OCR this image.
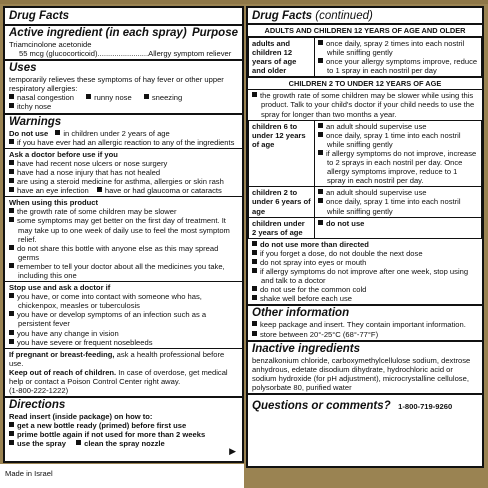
Drug Facts
Active ingredient (in each spray) Purpose
Triamcinolone acetonide
55 mcg (glucocorticoid)........................Allergy symptom reliever
Uses
temporarily relieves these symptoms of hay fever or other upper respiratory allergies:
nasal congestion	runny nose	sneezing itchy nose
Warnings
Do not use in children under 2 years of age
if you have ever had an allergic reaction to any of the ingredients
Ask a doctor before use if you
have had recent nose ulcers or nose surgery
have had a nose injury that has not healed
are using a steroid medicine for asthma, allergies or skin rash
have an eye infection have or had glaucoma or cataracts
When using this product
the growth rate of some children may be slower
some symptoms may get better on the first day of treatment. It may take up to one week of daily use to feel the most symptom relief.
do not share this bottle with anyone else as this may spread germs
remember to tell your doctor about all the medicines you take, including this one
Stop use and ask a doctor if
you have, or come into contact with someone who has, chickenpox, measles or tuberculosis
you have or develop symptoms of an infection such as a persistent fever
you have any change in vision
you have severe or frequent nosebleeds
If pregnant or breast-feeding, ask a health professional before use.
Keep out of reach of children. In case of overdose, get medical help or contact a Poison Control Center right away.
(1-800-222-1222)
Directions
Read insert (inside package) on how to:
get a new bottle ready (primed) before first use
prime bottle again if not used for more than 2 weeks
use the spray clean the spray nozzle
▶
Made in Israel
Drug Facts (continued)
ADULTS AND CHILDREN 12 YEARS OF AGE AND OLDER
adults and children 12 years of age and older	
once daily, spray 2 times into each nostril while sniffing gently
once your allergy symptoms improve, reduce to 1 spray in each nostril per day
CHILDREN 2 TO UNDER 12 YEARS OF AGE
the growth rate of some children may be slower while using this product. Talk to your child's doctor if your child needs to use the spray for longer than two months a year.
children 6 to under 12 years of age	an adult should supervise use
once daily, spray 1 time into each nostril while sniffing gently
if allergy symptoms do not improve, increase to 2 sprays in each nostril per day. Once allergy symptoms improve, reduce to 1 spray in each nostril per day.

children 2 to under 6 years of age	an adult should supervise use
once daily, spray 1 time into each nostril while sniffing gently

children under 2 years of age	do not use
do not use more than directed
if you forget a dose, do not double the next dose
do not spray into eyes or mouth
if allergy symptoms do not improve after one week, stop using and talk to a doctor
do not use for the common cold
shake well before each use
Other information
keep package and insert. They contain important information.
store between 20°-25°C (68°-77°F)
Inactive ingredients
benzalkonium chloride, carboxymethylcellulose sodium, dextrose anhydrous, edetate disodium dihydrate, hydrochloric acid or sodium hydroxide (for pH adjustment), microcrystalline cellulose, polysorbate 80, purified water
Questions or comments? 1-800-719-9260
